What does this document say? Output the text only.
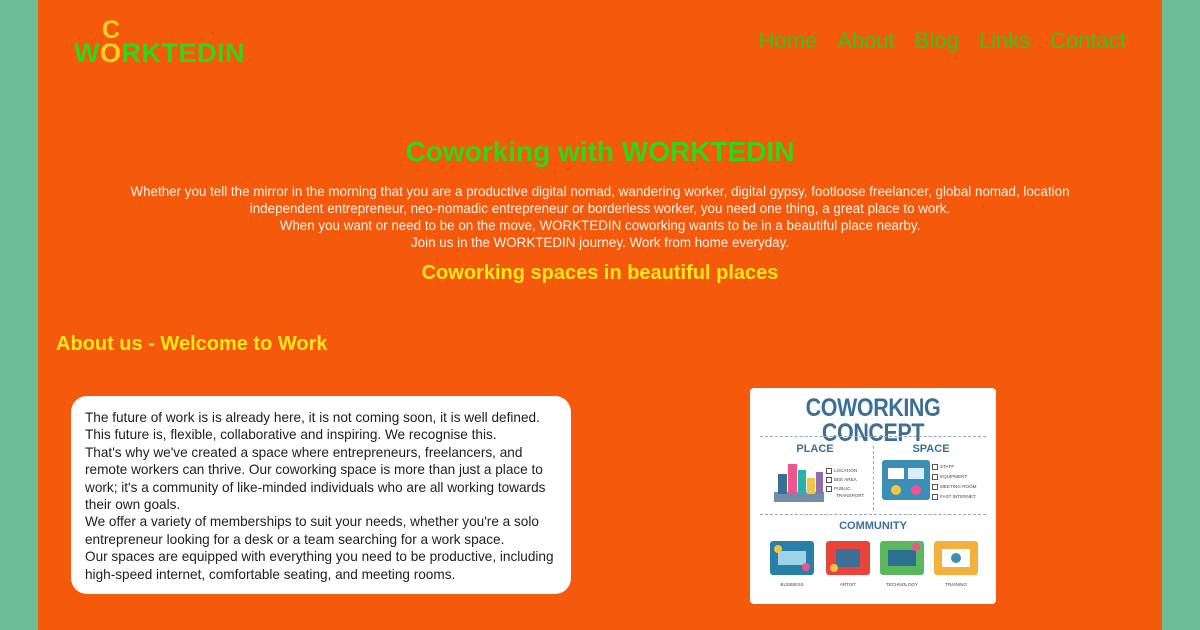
C
WORKTEDIN	Home About Blog Links Contact
Coworking with WORKTEDIN

Whether you tell the mirror in the morning that you are a productive digital nomad, wandering worker, digital gypsy, footloose freelancer, global nomad, location independent entrepreneur, neo-nomadic entrepreneur or borderless worker, you need one thing, a great place to work.

When you want or need to be on the move, WORKTEDIN coworking wants to be in a beautiful place nearby.

Join us in the WORKTEDIN journey. Work from home everyday.

Coworking spaces in beautiful places
About us - Welcome to Work

The future of work is is already here, it is not coming soon, it is well defined. This future is, flexible, collaborative and inspiring. We recognise this.

That's why we've created a space where entrepreneurs, freelancers, and remote workers can thrive. Our coworking space is more than just a place to work; it's a community of like-minded individuals who are all working towards their own goals.

We offer a variety of memberships to suit your needs, whether you're a solo entrepreneur looking for a desk or a team searching for a work space.

Our spaces are equipped with everything you need to be productive, including high-speed internet, comfortable seating, and meeting rooms.

COWORKING CONCEPT
PLACE
LOCATION
BEE AREA
PUBLIC
TRANSPORT
SPACE
STAFF
EQUIPMENT
MEETING ROOM
FAST INTERNET
COMMUNITY
BUSINESS	ARTIST	TECHNOLOGY	TRAINING
